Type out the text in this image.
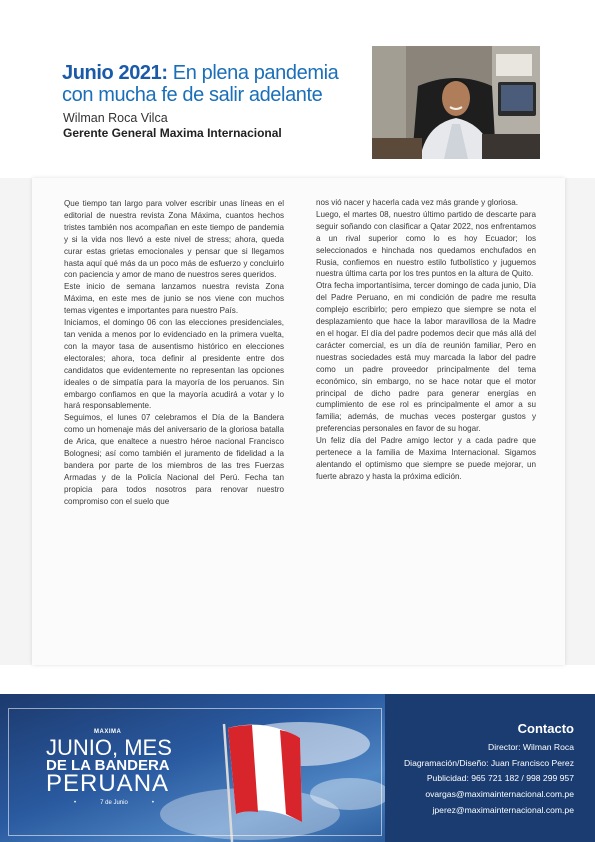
Junio 2021: En plena pandemia con mucha fe de salir adelante
Wilman Roca Vilca
Gerente General Maxima Internacional

Que tiempo tan largo para volver escribir unas líneas en el editorial de nuestra revista Zona Máxima, cuantos hechos tristes también nos acompañan en este tiempo de pandemia y si la vida nos llevó a este nivel de stress; ahora, queda curar estas grietas emocionales y pensar que si llegamos hasta aquí qué más da un poco más de esfuerzo y concluirlo con paciencia y amor de mano de nuestros seres queridos.

Este inicio de semana lanzamos nuestra revista Zona Máxima, en este mes de junio se nos viene con muchos temas vigentes e importantes para nuestro País.

Iniciamos, el domingo 06 con las elecciones presidenciales, tan venida a menos por lo evidenciado en la primera vuelta, con la mayor tasa de ausentismo histórico en elecciones electorales; ahora, toca definir al presidente entre dos candidatos que evidentemente no representan las opciones ideales o de simpatía para la mayoría de los peruanos. Sin embargo confiamos en que la mayoría acudirá a votar y lo hará responsablemente.

Seguimos, el lunes 07 celebramos el Día de la Bandera como un homenaje más del aniversario de la gloriosa batalla de Arica, que enaltece a nuestro héroe nacional Francisco Bolognesi; así como también el juramento de fidelidad a la bandera por parte de los miembros de las tres Fuerzas Armadas y de la Policía Nacional del Perú. Fecha tan propicia para todos nosotros para renovar nuestro compromiso con el suelo que

nos vió nacer y hacerla cada vez más grande y gloriosa.

Luego, el martes 08, nuestro último partido de descarte para seguir soñando con clasificar a Qatar 2022, nos enfrentamos a un rival superior como lo es hoy Ecuador; los seleccionados e hinchada nos quedamos enchufados en Rusia, confiemos en nuestro estilo futbolístico y juguemos nuestra última carta por los tres puntos en la altura de Quito.

Otra fecha importantísima, tercer domingo de cada junio, Día del Padre Peruano, en mi condición de padre me resulta complejo escribirlo; pero empiezo que siempre se nota el desplazamiento que hace la labor maravillosa de la Madre en el hogar. El día del padre podemos decir que más allá del carácter comercial, es un día de reunión familiar, Pero en nuestras sociedades está muy marcada la labor del padre como un padre proveedor principalmente del tema económico, sin embargo, no se hace notar que el motor principal de dicho padre para generar energías en cumplimiento de ese rol es principalmente el amor a su familia; además, de muchas veces postergar gustos y preferencias personales en favor de su hogar.

Un feliz día del Padre amigo lector y a cada padre que pertenece a la familia de Maxima Internacional. Sigamos alentando el optimismo que siempre se puede mejorar, un fuerte abrazo y hasta la próxima edición.

MAXIMA
JUNIO, MES
DE LA BANDERA
PERUANA
•	7 de Junio	•
Contacto
Director: Wilman Roca
Diagramación/Diseño: Juan Francisco Perez
Publicidad: 965 721 182 / 998 299 957
ovargas@maximainternacional.com.pe
jperez@maximainternacional.com.pe
